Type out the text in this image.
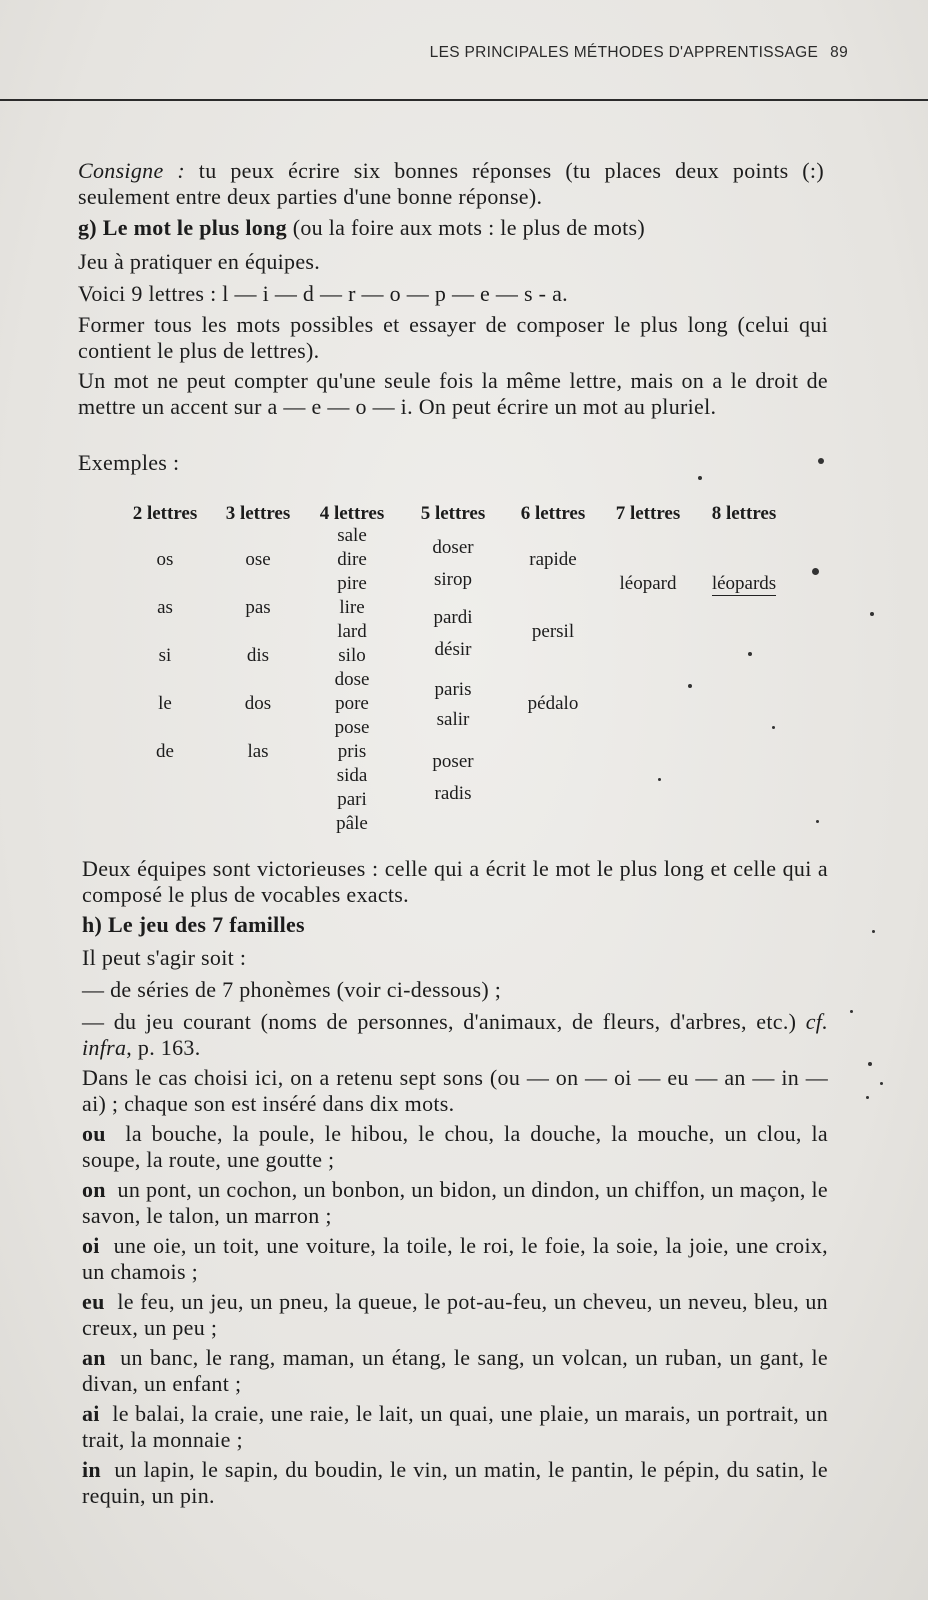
LES PRINCIPALES MÉTHODES D'APPRENTISSAGE 89

Consigne : tu peux écrire six bonnes réponses (tu places deux points (:) seulement entre deux parties d'une bonne réponse).

g) Le mot le plus long (ou la foire aux mots : le plus de mots)

Jeu à pratiquer en équipes.

Voici 9 lettres : l — i — d — r — o — p — e — s - a.

Former tous les mots possibles et essayer de composer le plus long (celui qui contient le plus de lettres).

Un mot ne peut compter qu'une seule fois la même lettre, mais on a le droit de mettre un accent sur a — e — o — i. On peut écrire un mot au pluriel.

Exemples :

2 lettres
os
as
si
le
de
3 lettres
ose
pas
dis
dos
las
4 lettres
sale
dire
pire
lire
lard
silo
dose
pore
pose
pris
sida
pari
pâle
5 lettres
doser
sirop
pardi
désir
paris
salir
poser
radis
6 lettres
rapide
persil
pédalo
7 lettres
léopard
8 lettres
léopards

Deux équipes sont victorieuses : celle qui a écrit le mot le plus long et celle qui a composé le plus de vocables exacts.

h) Le jeu des 7 familles

Il peut s'agir soit :

— de séries de 7 phonèmes (voir ci-dessous) ;

— du jeu courant (noms de personnes, d'animaux, de fleurs, d'arbres, etc.) cf. infra, p. 163.

Dans le cas choisi ici, on a retenu sept sons (ou — on — oi — eu — an — in — ai) ; chaque son est inséré dans dix mots.

ou la bouche, la poule, le hibou, le chou, la douche, la mouche, un clou, la soupe, la route, une goutte ;

on un pont, un cochon, un bonbon, un bidon, un dindon, un chiffon, un maçon, le savon, le talon, un marron ;

oi une oie, un toit, une voiture, la toile, le roi, le foie, la soie, la joie, une croix, un chamois ;

eu le feu, un jeu, un pneu, la queue, le pot-au-feu, un cheveu, un neveu, bleu, un creux, un peu ;

an un banc, le rang, maman, un étang, le sang, un volcan, un ruban, un gant, le divan, un enfant ;

ai le balai, la craie, une raie, le lait, un quai, une plaie, un marais, un portrait, un trait, la monnaie ;

in un lapin, le sapin, du boudin, le vin, un matin, le pantin, le pépin, du satin, le requin, un pin.
